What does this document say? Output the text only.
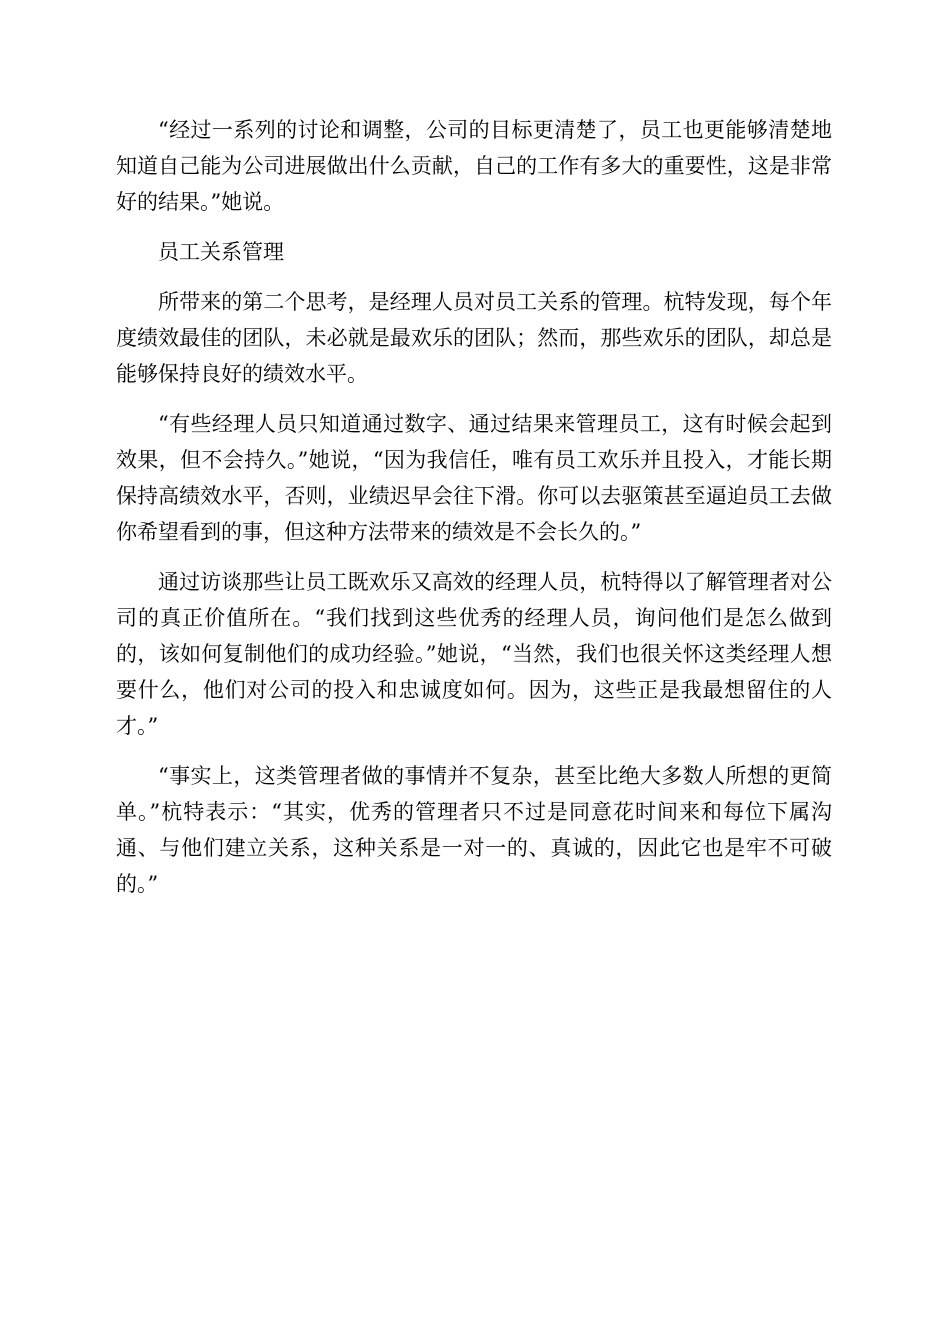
“经过一系列的讨论和调整，公司的目标更清楚了，员工也更能够清楚地知道自己能为公司进展做出什么贡献，自己的工作有多大的重要性，这是非常好的结果。”她说。

员工关系管理

所带来的第二个思考，是经理人员对员工关系的管理。杭特发现，每个年度绩效最佳的团队，未必就是最欢乐的团队；然而，那些欢乐的团队，却总是能够保持良好的绩效水平。

“有些经理人员只知道通过数字、通过结果来管理员工，这有时候会起到效果，但不会持久。”她说，“因为我信任，唯有员工欢乐并且投入，才能长期保持高绩效水平，否则，业绩迟早会往下滑。你可以去驱策甚至逼迫员工去做你希望看到的事，但这种方法带来的绩效是不会长久的。”

通过访谈那些让员工既欢乐又高效的经理人员，杭特得以了解管理者对公司的真正价值所在。“我们找到这些优秀的经理人员，询问他们是怎么做到的，该如何复制他们的成功经验。”她说，“当然，我们也很关怀这类经理人想要什么，他们对公司的投入和忠诚度如何。因为，这些正是我最想留住的人才。”

“事实上，这类管理者做的事情并不复杂，甚至比绝大多数人所想的更简单。”杭特表示：“其实，优秀的管理者只不过是同意花时间来和每位下属沟通、与他们建立关系，这种关系是一对一的、真诚的，因此它也是牢不可破的。”
